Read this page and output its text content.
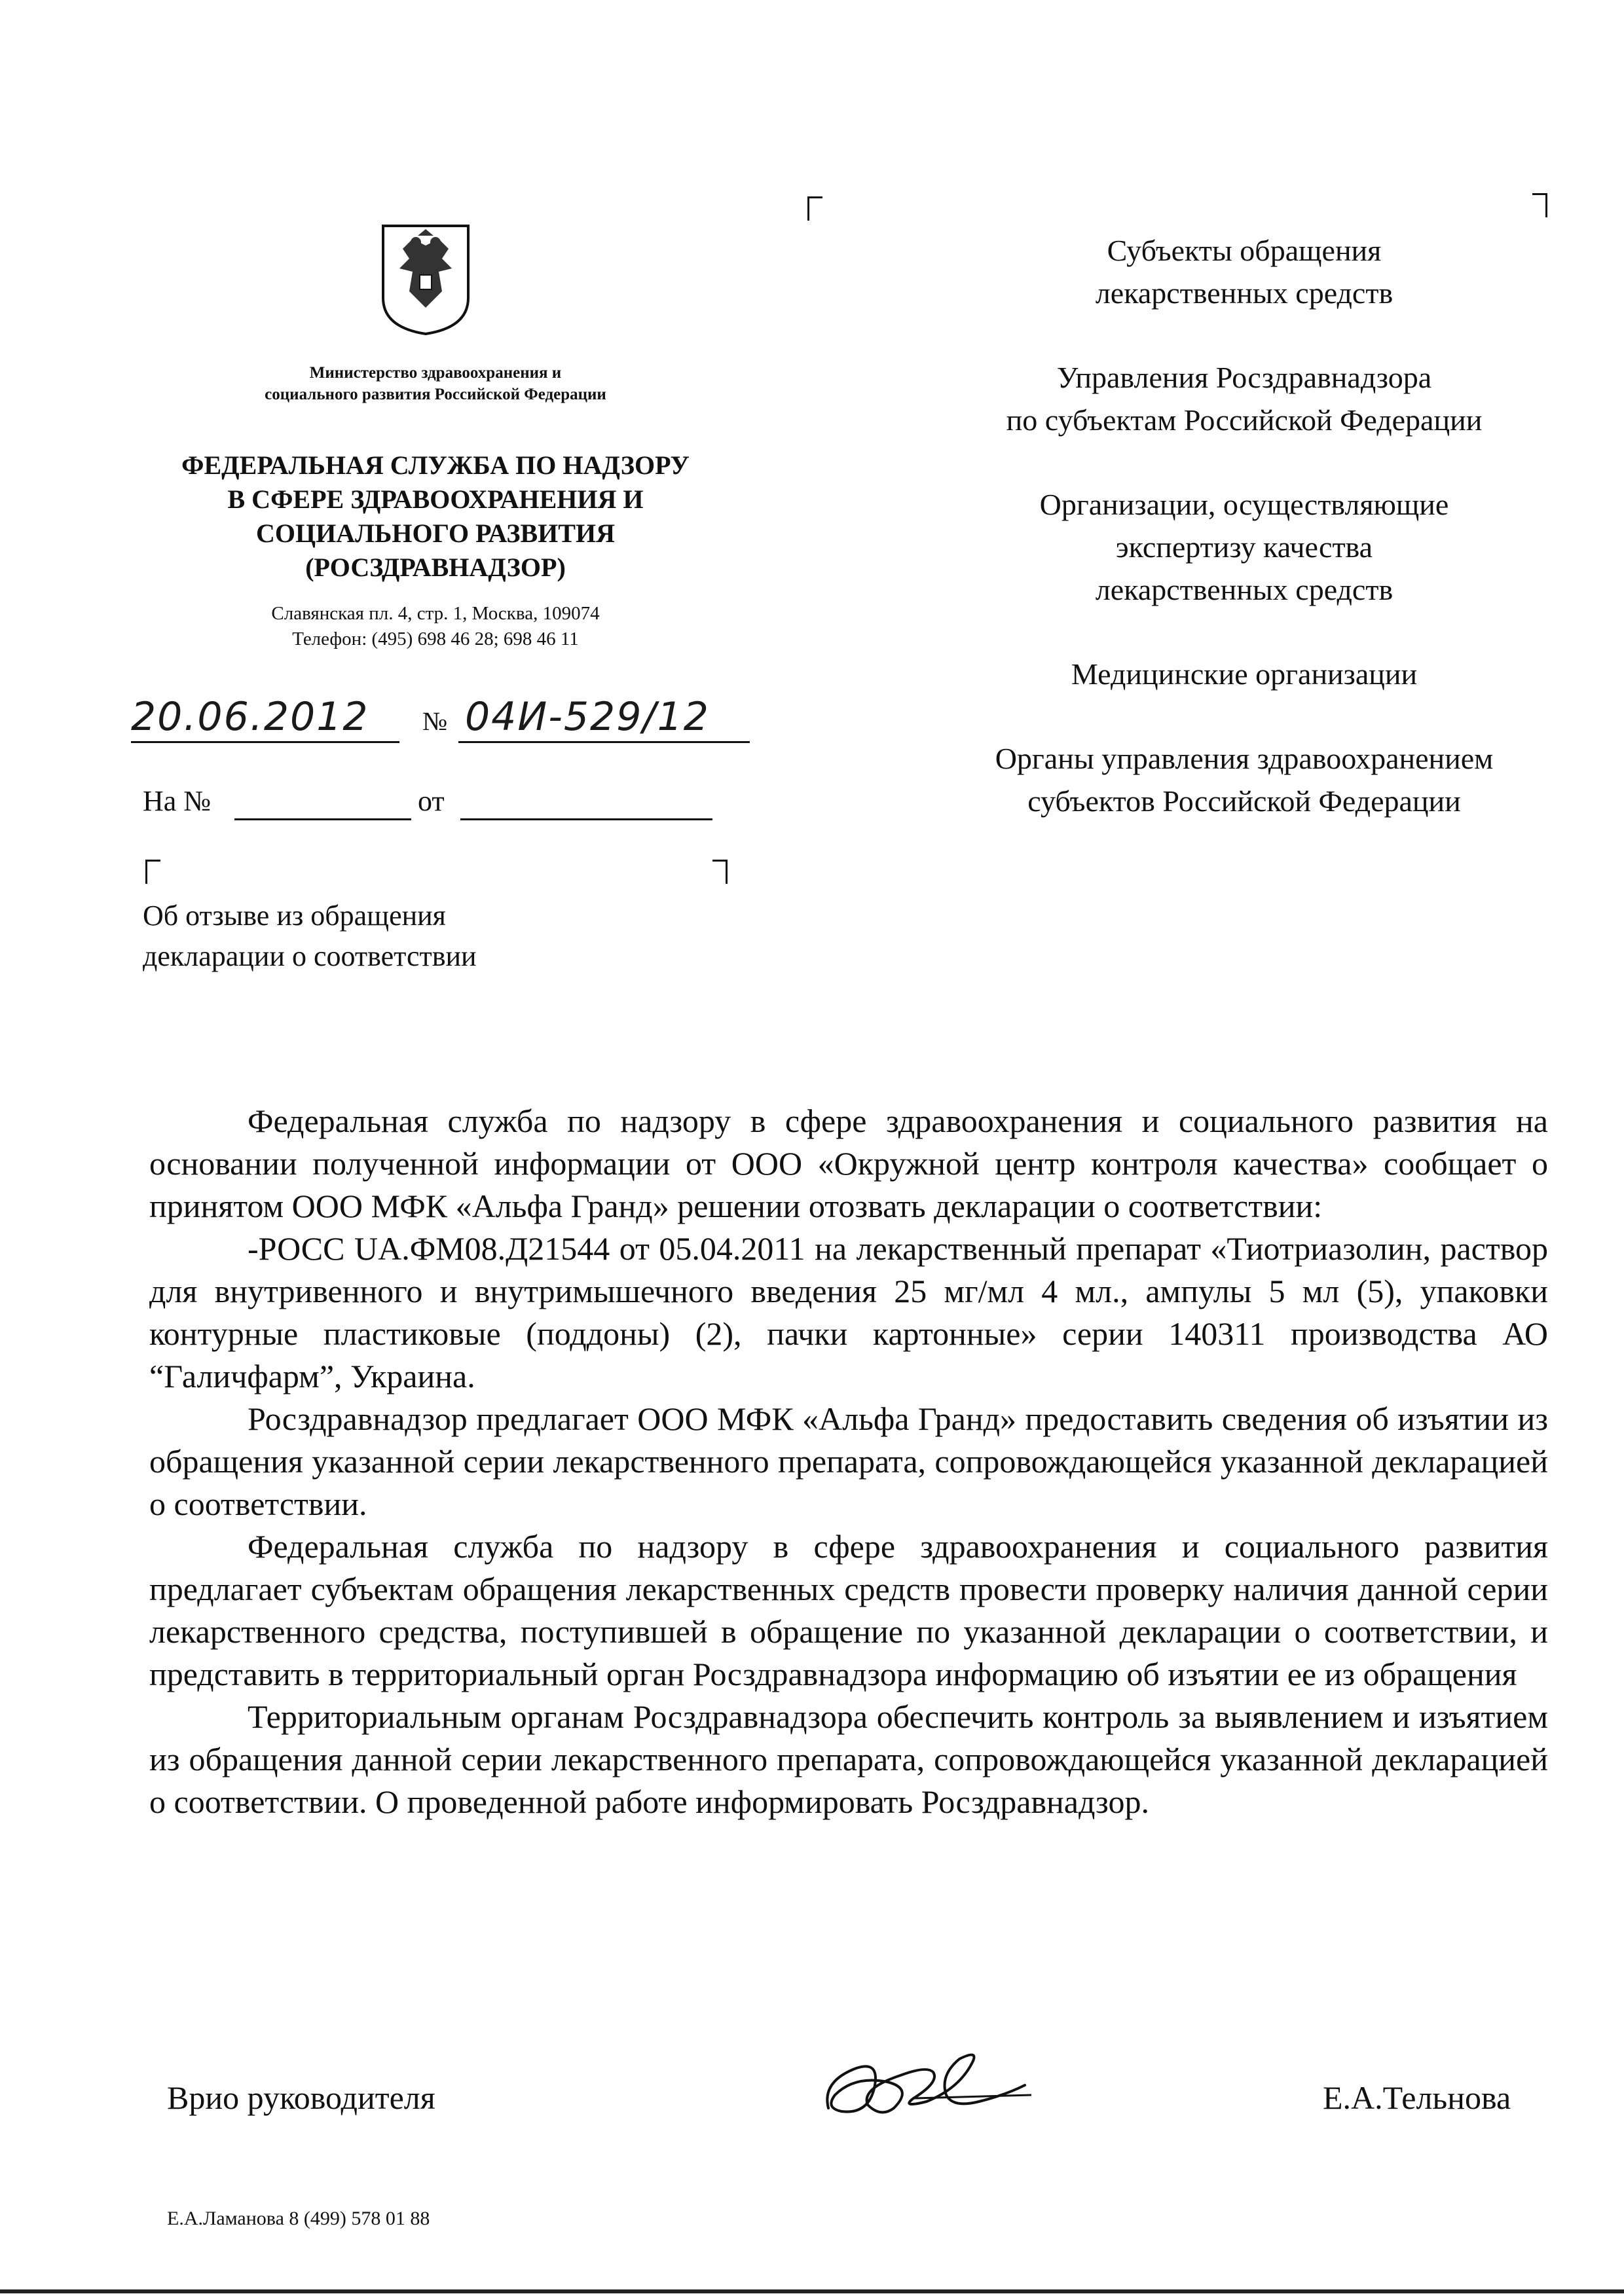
Министерство здравоохранения и
социального развития Российской Федерации
ФЕДЕРАЛЬНАЯ СЛУЖБА ПО НАДЗОРУ
В СФЕРЕ ЗДРАВООХРАНЕНИЯ И
СОЦИАЛЬНОГО РАЗВИТИЯ
(РОСЗДРАВНАДЗОР)
Славянская пл. 4, стр. 1, Москва, 109074
Телефон: (495) 698 46 28; 698 46 11
20.06.2012 № 04И-529/12
На №	от
Об отзыве из обращения
декларации о соответствии

Субъекты обращения
лекарственных средств

Управления Росздравнадзора
по субъектам Российской Федерации

Организации, осуществляющие
экспертизу качества
лекарственных средств

Медицинские организации

Органы управления здравоохранением
субъектов Российской Федерации

Федеральная служба по надзору в сфере здравоохранения и социального развития на основании полученной информации от ООО «Окружной центр контроля качества» сообщает о принятом ООО МФК «Альфа Гранд» решении отозвать декларации о соответствии:

-РОСС UA.ФМ08.Д21544 от 05.04.2011 на лекарственный препарат «Тиотриазолин, раствор для внутривенного и внутримышечного введения 25 мг/мл 4 мл., ампулы 5 мл (5), упаковки контурные пластиковые (поддоны) (2), пачки картонные» серии 140311 производства АО “Галичфарм”, Украина.

Росздравнадзор предлагает ООО МФК «Альфа Гранд» предоставить сведения об изъятии из обращения указанной серии лекарственного препарата, сопровождающейся указанной декларацией о соответствии.

Федеральная служба по надзору в сфере здравоохранения и социального развития предлагает субъектам обращения лекарственных средств провести проверку наличия данной серии лекарственного средства, поступившей в обращение по указанной декларации о соответствии, и представить в территориальный орган Росздравнадзора информацию об изъятии ее из обращения

Территориальным органам Росздравнадзора обеспечить контроль за выявлением и изъятием из обращения данной серии лекарственного препарата, сопровождающейся указанной декларацией о соответствии. О проведенной работе информировать Росздравнадзор.

Врио руководителя	Е.А.Тельнова
Е.А.Ламанова 8 (499) 578 01 88
